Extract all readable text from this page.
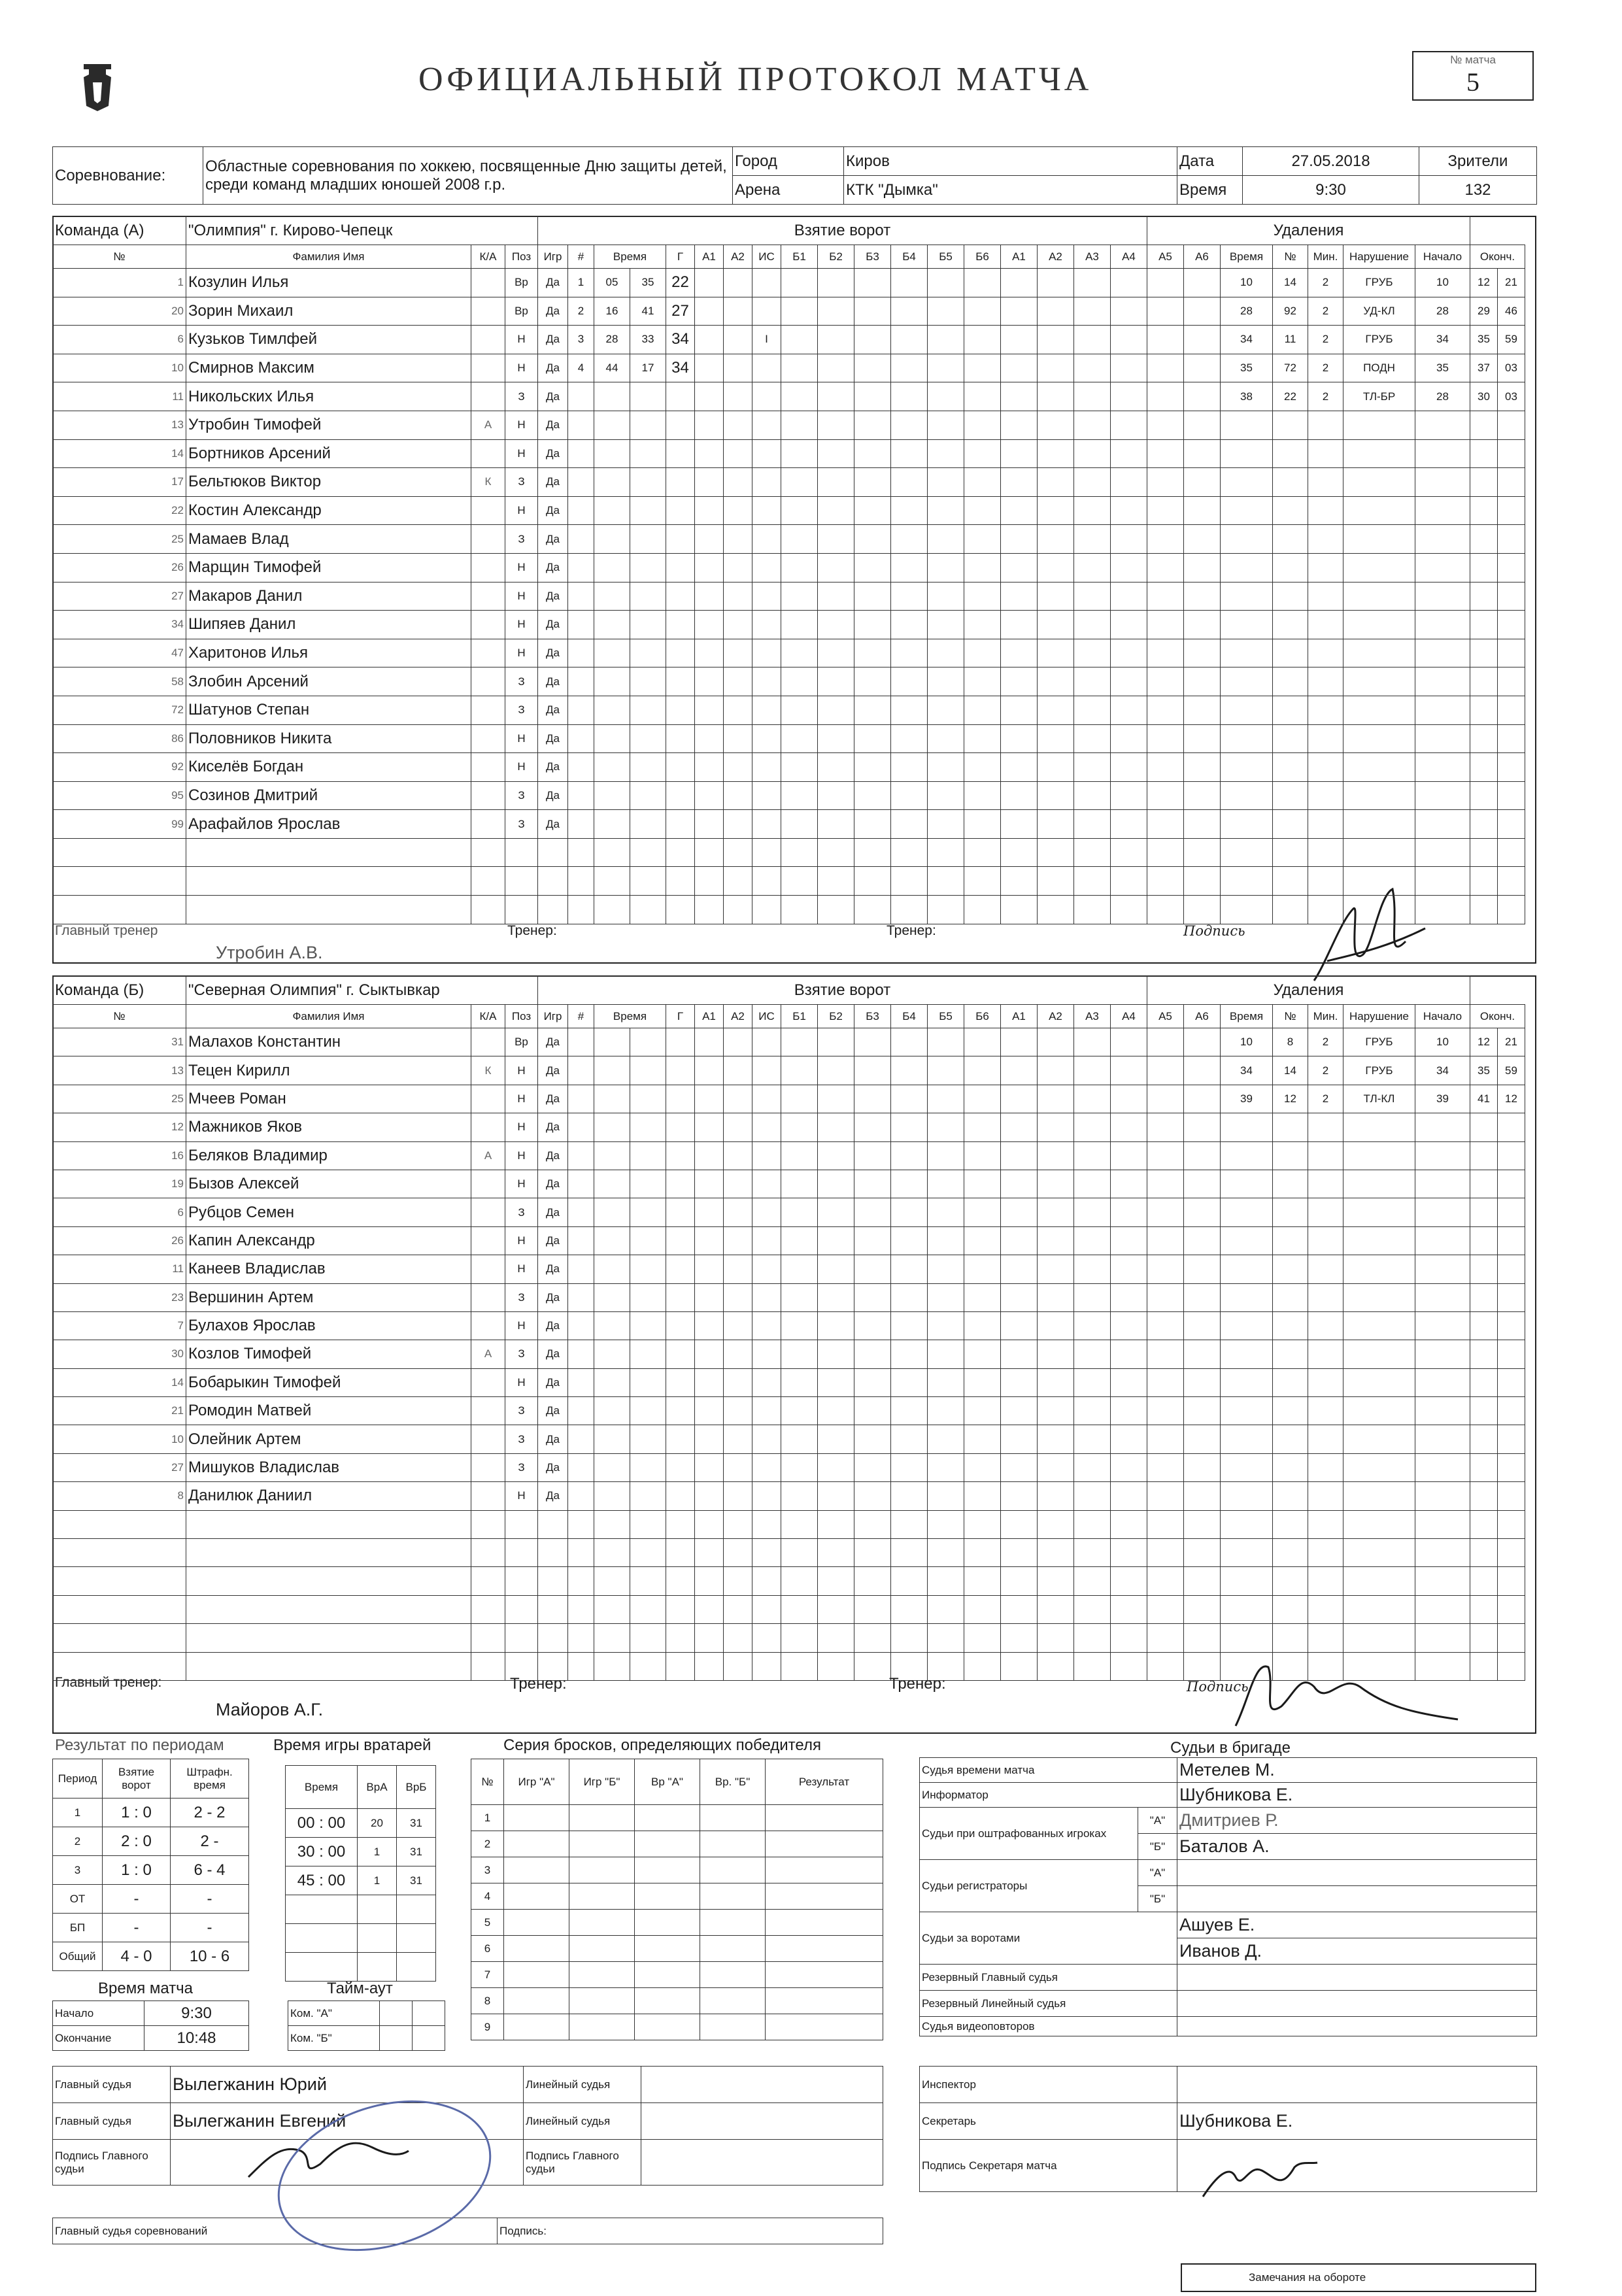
ОФИЦИАЛЬНЫЙ ПРОТОКОЛ МАТЧА
№ матча
5
Соревнование:	Областные соревнования по хоккею, посвященные Дню защиты детей, среди команд младших юношей 2008 г.р.	Город	Киров	Дата	27.05.2018	Зрители
		Арена	КТК "Дымка"	Время	9:30	132
Главный тренер
Утробин А.В.
Тренер:	Тренер:	Подпись
Главный тренер:
Майоров А.Г.
Тренер:	Тренер:	Подпись
Результат по периодам
Период	Взятие ворот	Штрафн. время
1	1 : 0	2 - 2
2	2 : 0	2 -
3	1 : 0	6 - 4
ОТ	-	-
БП	-	-
Общий	4 - 0	10 - 6
Время матча
Начало	9:30
Окончание	10:48
Время игры вратарей
Время	ВрА	ВрБ
00 : 00	20	31
30 : 00	1	31
45 : 00	1	31

Тайм-аут
Ком. "А"		
Ком. "Б"		
Серия бросков, определяющих победителя
№	Игр "А"	Игр "Б"	Вр "А"	Вр. "Б"	Результат
1					
2					
3					
4					
5					
6					
7					
8					
9					
Главный судья	Вылегжанин Юрий	Линейный судья	
Главный судья	Вылегжанин Евгений	Линейный судья	
Подпись Главного судьи		Подпись Главного судьи	
Главный судья соревнований	Подпись:
Судьи в бригаде
Судья времени матча		Метелев М.
Информатор		Шубникова Е.
Судьи при оштрафованных игроках	"А"	Дмитриев Р.
	"Б"	Баталов А.
Судьи регистраторы	"А"	
	"Б"	
Судьи за воротами		Ашуев Е.
		Иванов Д.
Резервный Главный судья		
Резервный Линейный судья		
Судья видеоповторов		
Инспектор	
Секретарь	Шубникова Е.
Подпись Секретаря матча	
Замечания на обороте
Команда (А)	"Олимпия" г. Кирово-Чепецк			Взятие ворот																		Удаления								
№	Фамилия Имя	К/А	Поз	Игр	#	Время		Г	А1	А2	ИС	Б1	Б2	Б3	Б4	Б5	Б6	А1	А2	А3	А4	А5	А6	Время	№	Мин.	Нарушение	Начало	Оконч.	
1	Козулин Илья		Вр	Да	1	05	35	22																10	14	2	ГРУБ	10	12	21
20	Зорин Михаил		Вр	Да	2	16	41	27																28	92	2	УД-КЛ	28	29	46
6	Кузьков Тимлфей		Н	Да	3	28	33	34			I													34	11	2	ГРУБ	34	35	59
10	Смирнов Максим		Н	Да	4	44	17	34																35	72	2	ПОДН	35	37	03
11	Никольских Илья		З	Да																				38	22	2	ТЛ-БР	28	30	03
13	Утробин Тимофей	А	Н	Да																										
14	Бортников Арсений		Н	Да																										
17	Бельтюков Виктор	К	З	Да																										
22	Костин Александр		Н	Да																										
25	Мамаев Влад		З	Да																										
26	Марщин Тимофей		Н	Да																										
27	Макаров Данил		Н	Да																										
34	Шипяев Данил		Н	Да																										
47	Харитонов Илья		Н	Да																										
58	Злобин Арсений		З	Да																										
72	Шатунов Степан		З	Да																										
86	Половников Никита		Н	Да																										
92	Киселёв Богдан		Н	Да																										
95	Созинов Дмитрий		З	Да																										
99	Арафайлов Ярослав		З	Да																										

Команда (Б)	"Северная Олимпия" г. Сыктывкар			Взятие ворот																		Удаления								
№	Фамилия Имя	К/А	Поз	Игр	#	Время		Г	А1	А2	ИС	Б1	Б2	Б3	Б4	Б5	Б6	А1	А2	А3	А4	А5	А6	Время	№	Мин.	Нарушение	Начало	Оконч.	
31	Малахов Константин		Вр	Да																				10	8	2	ГРУБ	10	12	21
13	Тецен Кирилл	К	Н	Да																				34	14	2	ГРУБ	34	35	59
25	Мчеев Роман		Н	Да																				39	12	2	ТЛ-КЛ	39	41	12
12	Мажников Яков		Н	Да																										
16	Беляков Владимир	А	Н	Да																										
19	Бызов Алексей		Н	Да																										
6	Рубцов Семен		З	Да																										
26	Капин Александр		Н	Да																										
11	Канеев Владислав		Н	Да																										
23	Вершинин Артем		З	Да																										
7	Булахов Ярослав		Н	Да																										
30	Козлов Тимофей	А	З	Да																										
14	Бобарыкин Тимофей		Н	Да																										
21	Ромодин Матвей		З	Да																										
10	Олейник Артем		З	Да																										
27	Мишуков Владислав		З	Да																										
8	Данилюк Даниил		Н	Да																										
